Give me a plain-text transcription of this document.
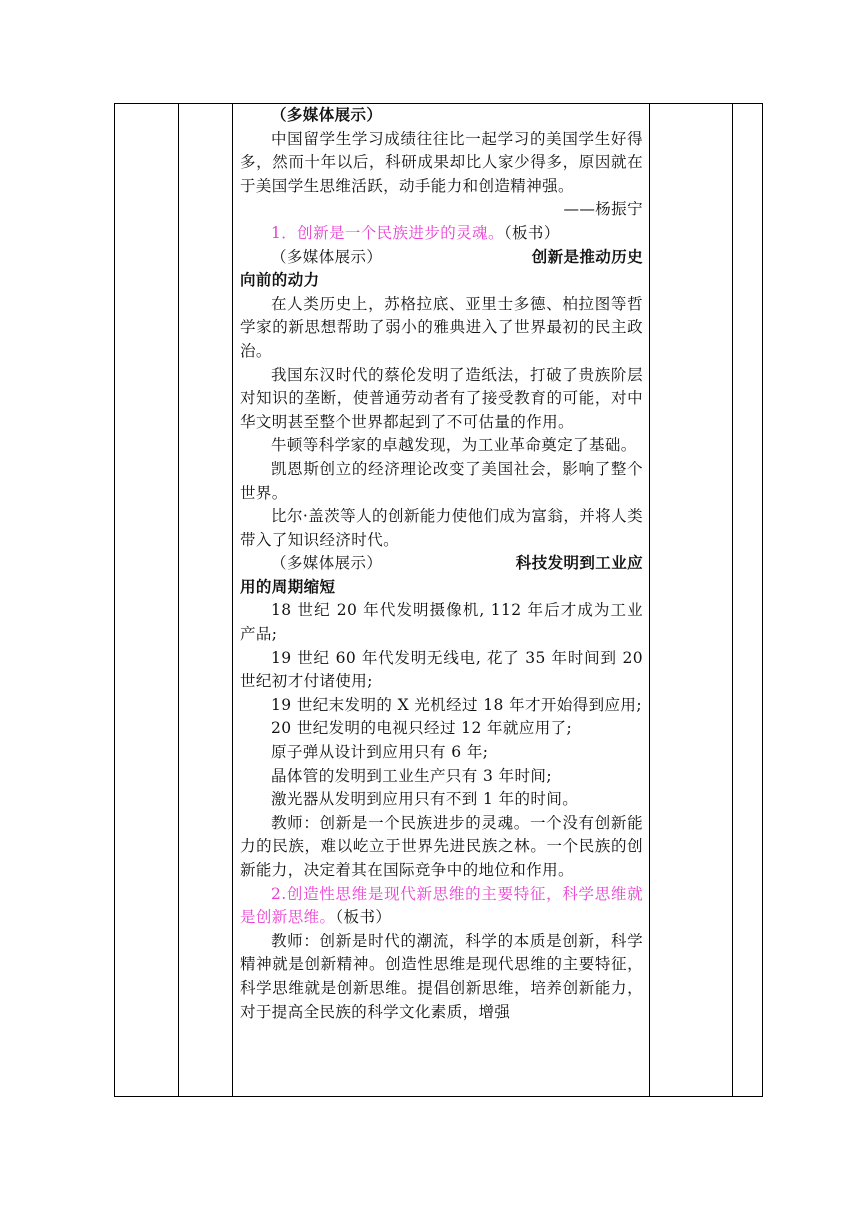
（多媒体展示）

中国留学生学习成绩往往比一起学习的美国学生好得多，然而十年以后，科研成果却比人家少得多，原因就在于美国学生思维活跃，动手能力和创造精神强。

——杨振宁

1．创新是一个民族进步的灵魂。（板书）

（多媒体展示）	创新是推动历史

向前的动力

在人类历史上，苏格拉底、亚里士多德、柏拉图等哲学家的新思想帮助了弱小的雅典进入了世界最初的民主政治。

我国东汉时代的蔡伦发明了造纸法，打破了贵族阶层对知识的垄断，使普通劳动者有了接受教育的可能，对中华文明甚至整个世界都起到了不可估量的作用。

牛顿等科学家的卓越发现，为工业革命奠定了基础。

凯恩斯创立的经济理论改变了美国社会，影响了整个世界。

比尔·盖茨等人的创新能力使他们成为富翁，并将人类带入了知识经济时代。

（多媒体展示）	科技发明到工业应

用的周期缩短

18 世纪 20 年代发明摄像机, 112 年后才成为工业产品;

19 世纪 60 年代发明无线电, 花了 35 年时间到 20 世纪初才付诸使用;

19 世纪末发明的 X 光机经过 18 年才开始得到应用;

20 世纪发明的电视只经过 12 年就应用了;

原子弹从设计到应用只有 6 年;

晶体管的发明到工业生产只有 3 年时间;

激光器从发明到应用只有不到 1 年的时间。

教师：创新是一个民族进步的灵魂。一个没有创新能力的民族，难以屹立于世界先进民族之林。一个民族的创新能力，决定着其在国际竞争中的地位和作用。

2.创造性思维是现代新思维的主要特征，科学思维就是创新思维。（板书）

教师：创新是时代的潮流，科学的本质是创新，科学精神就是创新精神。创造性思维是现代思维的主要特征，科学思维就是创新思维。提倡创新思维，培养创新能力，对于提高全民族的科学文化素质，增强
